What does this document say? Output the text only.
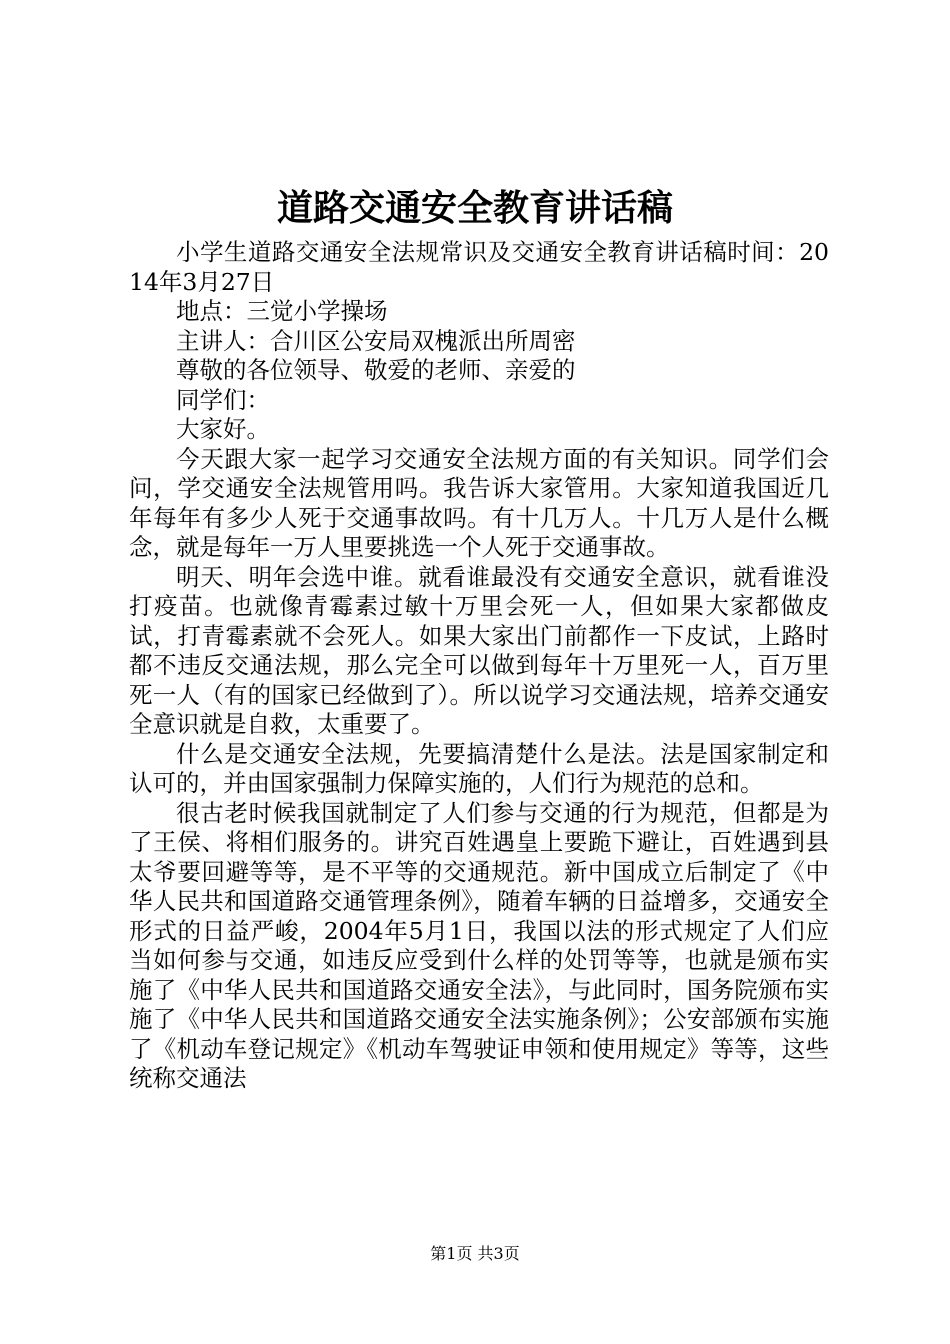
道路交通安全教育讲话稿

小学生道路交通安全法规常识及交通安全教育讲话稿时间：2014年3月27日

地点：三觉小学操场

主讲人：合川区公安局双槐派出所周密

尊敬的各位领导、敬爱的老师、亲爱的

同学们：

大家好。

今天跟大家一起学习交通安全法规方面的有关知识。同学们会问，学交通安全法规管用吗。我告诉大家管用。大家知道我国近几年每年有多少人死于交通事故吗。有十几万人。十几万人是什么概念，就是每年一万人里要挑选一个人死于交通事故。

明天、明年会选中谁。就看谁最没有交通安全意识，就看谁没打疫苗。也就像青霉素过敏十万里会死一人，但如果大家都做皮试，打青霉素就不会死人。如果大家出门前都作一下皮试，上路时都不违反交通法规，那么完全可以做到每年十万里死一人，百万里死一人（有的国家已经做到了）。所以说学习交通法规，培养交通安全意识就是自救，太重要了。

什么是交通安全法规，先要搞清楚什么是法。法是国家制定和认可的，并由国家强制力保障实施的，人们行为规范的总和。

很古老时候我国就制定了人们参与交通的行为规范，但都是为了王侯、将相们服务的。讲究百姓遇皇上要跪下避让，百姓遇到县太爷要回避等等，是不平等的交通规范。新中国成立后制定了《中华人民共和国道路交通管理条例》，随着车辆的日益增多，交通安全形式的日益严峻，2004年5月1日，我国以法的形式规定了人们应当如何参与交通，如违反应受到什么样的处罚等等，也就是颁布实施了《中华人民共和国道路交通安全法》，与此同时，国务院颁布实施了《中华人民共和国道路交通安全法实施条例》；公安部颁布实施了《机动车登记规定》《机动车驾驶证申领和使用规定》等等，这些统称交通法

第1页 共3页
